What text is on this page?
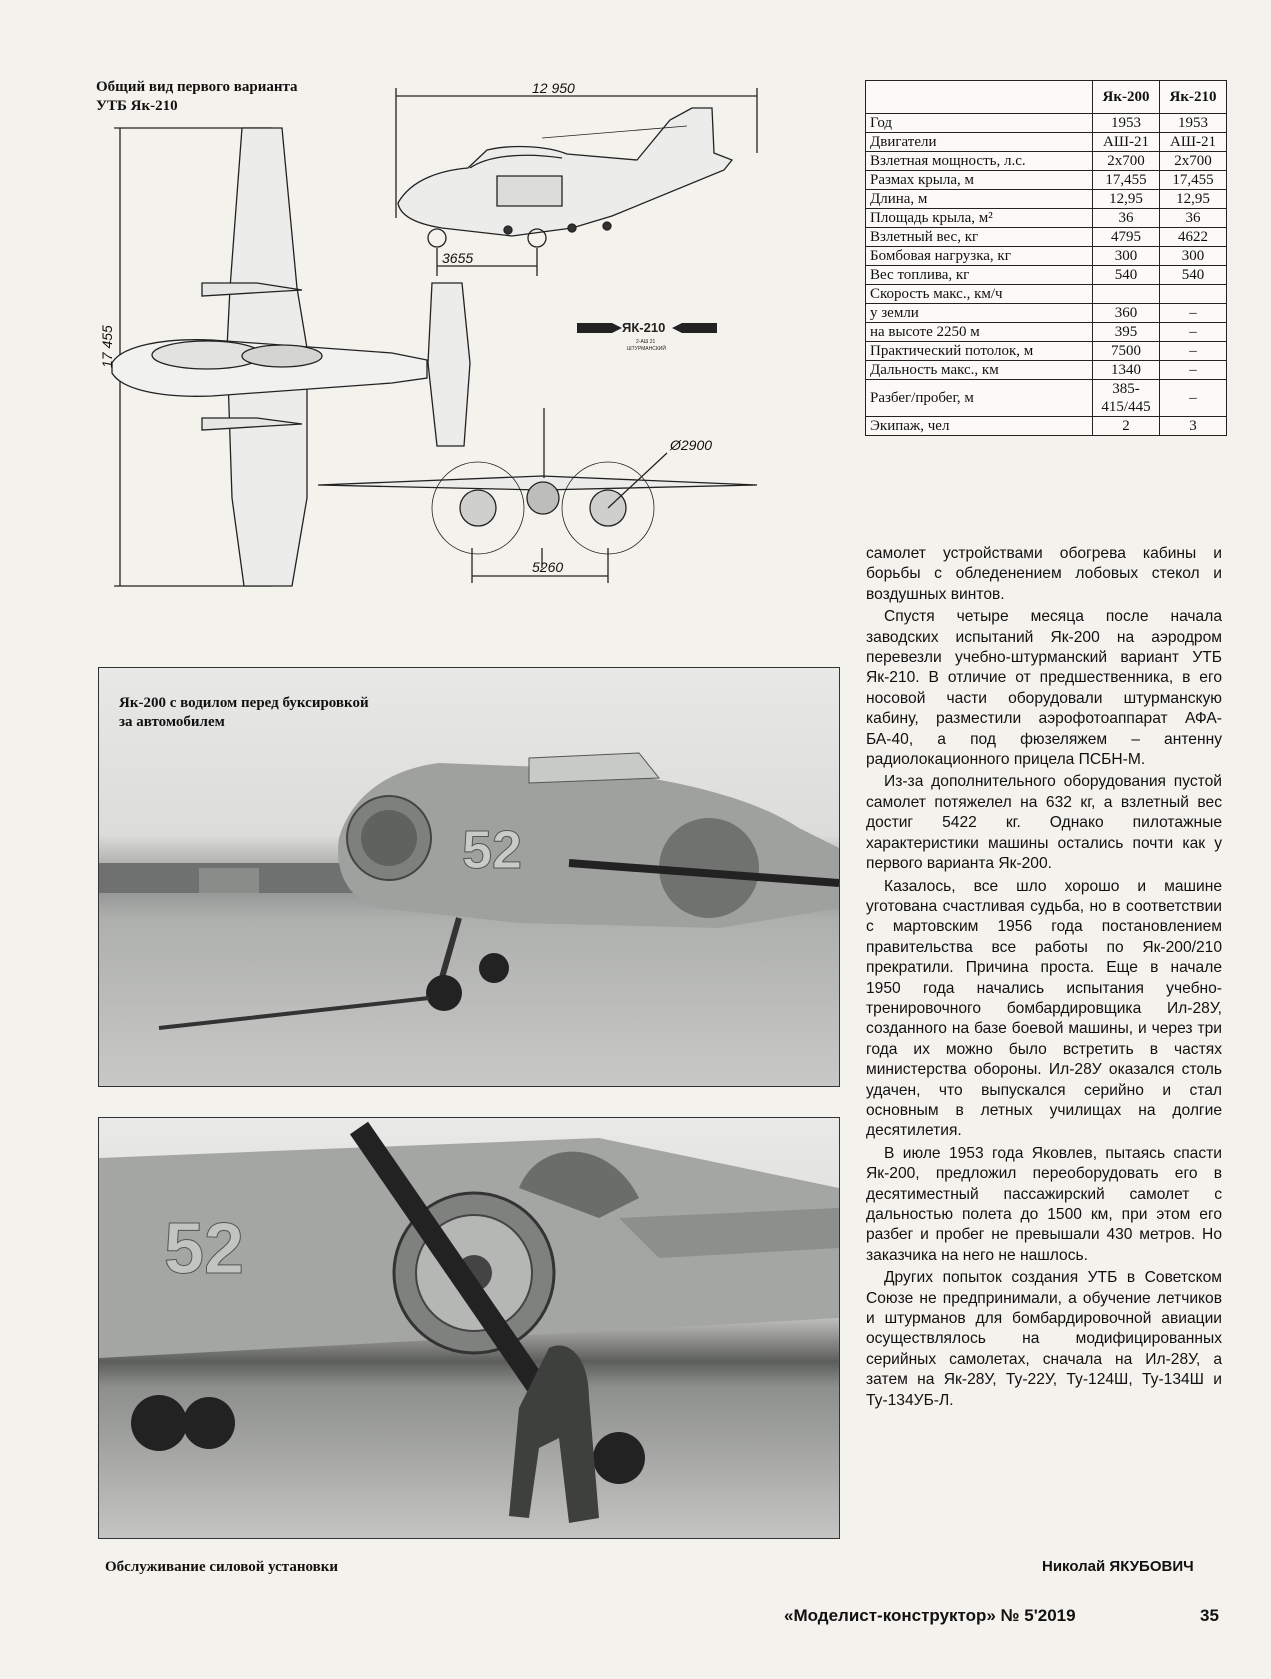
Общий вид первого варианта
УТБ Як-210
12 950
17 455
3655
5260
Ø2900
ЯК-210
2-АШ 21
ШТУРМАНСКИЙ
	Як-200	Як-210
Год	1953	1953
Двигатели	АШ-21	АШ-21
Взлетная мощность, л.с.	2x700	2x700
Размах крыла, м	17,455	17,455
Длина, м	12,95	12,95
Площадь крыла, м²	36	36
Взлетный вес, кг	4795	4622
Бомбовая нагрузка, кг	300	300
Вес топлива, кг	540	540
Скорость макс., км/ч		
у земли	360	–
на высоте 2250 м	395	–
Практический потолок, м	7500	–
Дальность макс., км	1340	–
Разбег/пробег, м	385-415/445	–
Экипаж, чел	2	3

самолет устройствами обогрева кабины и борьбы с обледенением лобовых стекол и воздушных винтов.

Спустя четыре месяца после начала заводских испытаний Як-200 на аэродром перевезли учебно-штурманский вариант УТБ Як-210. В отличие от предшественника, в его носовой части оборудовали штурманскую кабину, разместили аэрофотоаппарат АФА-БА-40, а под фюзеляжем – антенну радиолокационного прицела ПСБН-М.

Из-за дополнительного оборудования пустой самолет потяжелел на 632 кг, а взлетный вес достиг 5422 кг. Однако пилотажные характеристики машины остались почти как у первого варианта Як-200.

Казалось, все шло хорошо и машине уготована счастливая судьба, но в соответствии с мартовским 1956 года постановлением правительства все работы по Як-200/210 прекратили. Причина проста. Еще в начале 1950 года начались испытания учебно-тренировочного бомбардировщика Ил-28У, созданного на базе боевой машины, и через три года их можно было встретить в частях министерства обороны. Ил-28У оказался столь удачен, что выпускался серийно и стал основным в летных училищах на долгие десятилетия.

В июле 1953 года Яковлев, пытаясь спасти Як-200, предложил переоборудовать его в десятиместный пассажирский самолет с дальностью полета до 1500 км, при этом его разбег и пробег не превышали 430 метров. Но заказчика на него не нашлось.

Других попыток создания УТБ в Советском Союзе не предпринимали, а обучение летчиков и штурманов для бомбардировочной авиации осуществлялось на модифицированных серийных самолетах, сначала на Ил-28У, а затем на Як-28У, Ту-22У, Ту-124Ш, Ту-134Ш и Ту-134УБ-Л.

52
Як-200 с водилом перед буксировкой
за автомобилем
52
Обслуживание силовой установки	Николай ЯКУБОВИЧ
«Моделист-конструктор» № 5'2019	35
